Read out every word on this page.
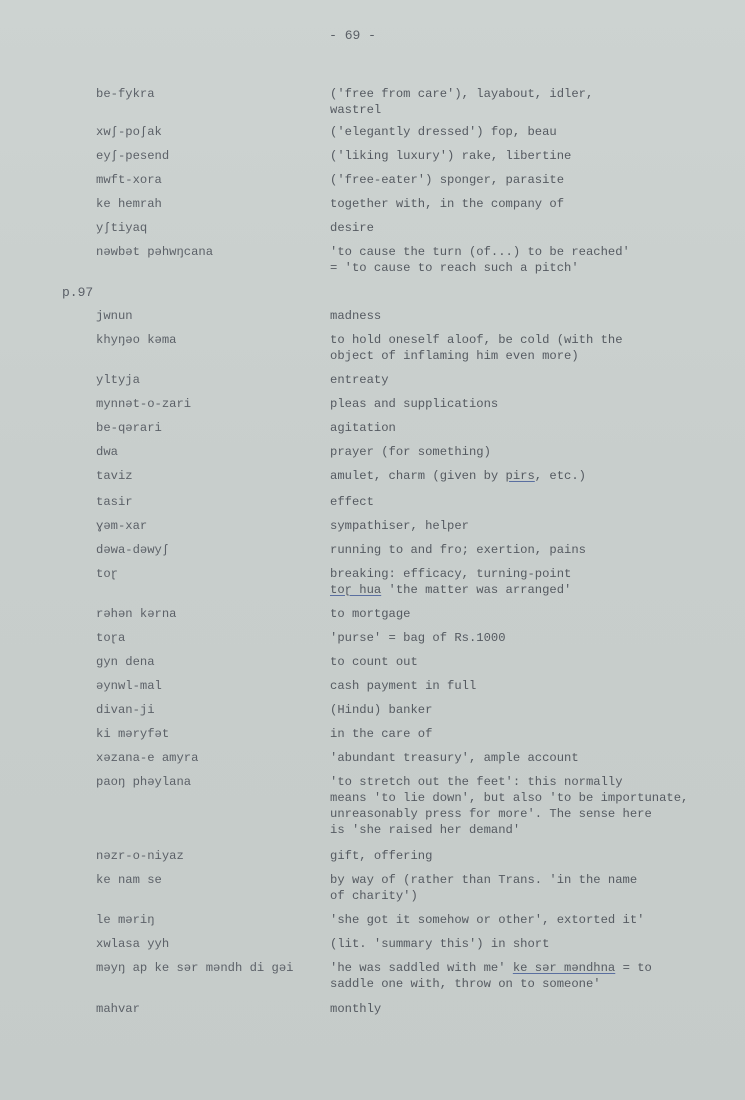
- 69 -
p.97
be-fykra	('free from care'), layabout, idler,
wastrel
xwʃ-poʃak	('elegantly dressed') fop, beau
eyʃ-pesend	('liking luxury') rake, libertine
mwft-xora	('free-eater') sponger, parasite
ke hemrah	together with, in the company of
yʃtiyaq	desire
nəwbət pəhwŋcana	'to cause the turn (of...) to be reached'
= 'to cause to reach such a pitch'
jwnun	madness
khyŋəo kəma	to hold oneself aloof, be cold (with the
object of inflaming him even more)
yltyja	entreaty
mynnət-o-zari	pleas and supplications
be-qərari	agitation
dwa	prayer (for something)
taviz	amulet, charm (given by pirs, etc.)
tasir	effect
ɣəm-xar	sympathiser, helper
dəwa-dəwyʃ	running to and fro; exertion, pains
toɽ	breaking: efficacy, turning-point
toɽ hua 'the matter was arranged'
rəhən kərna	to mortgage
toɽa	'purse' = bag of Rs.1000
gyn dena	to count out
əynwl-mal	cash payment in full
divan-ji	(Hindu) banker
ki məryfət	in the care of
xəzana-e amyra	'abundant treasury', ample account
paoŋ phəylana	'to stretch out the feet': this normally
means 'to lie down', but also 'to be importunate,
unreasonably press for more'. The sense here
is 'she raised her demand'
nəzr-o-niyaz	gift, offering
ke nam se	by way of (rather than Trans. 'in the name
of charity')
le məriŋ	'she got it somehow or other', extorted it'
xwlasa yyh	(lit. 'summary this') in short
məyŋ ap ke sər məndh di gəi	'he was saddled with me' ke sər məndhna = to
saddle one with, throw on to someone'
mahvar	monthly
